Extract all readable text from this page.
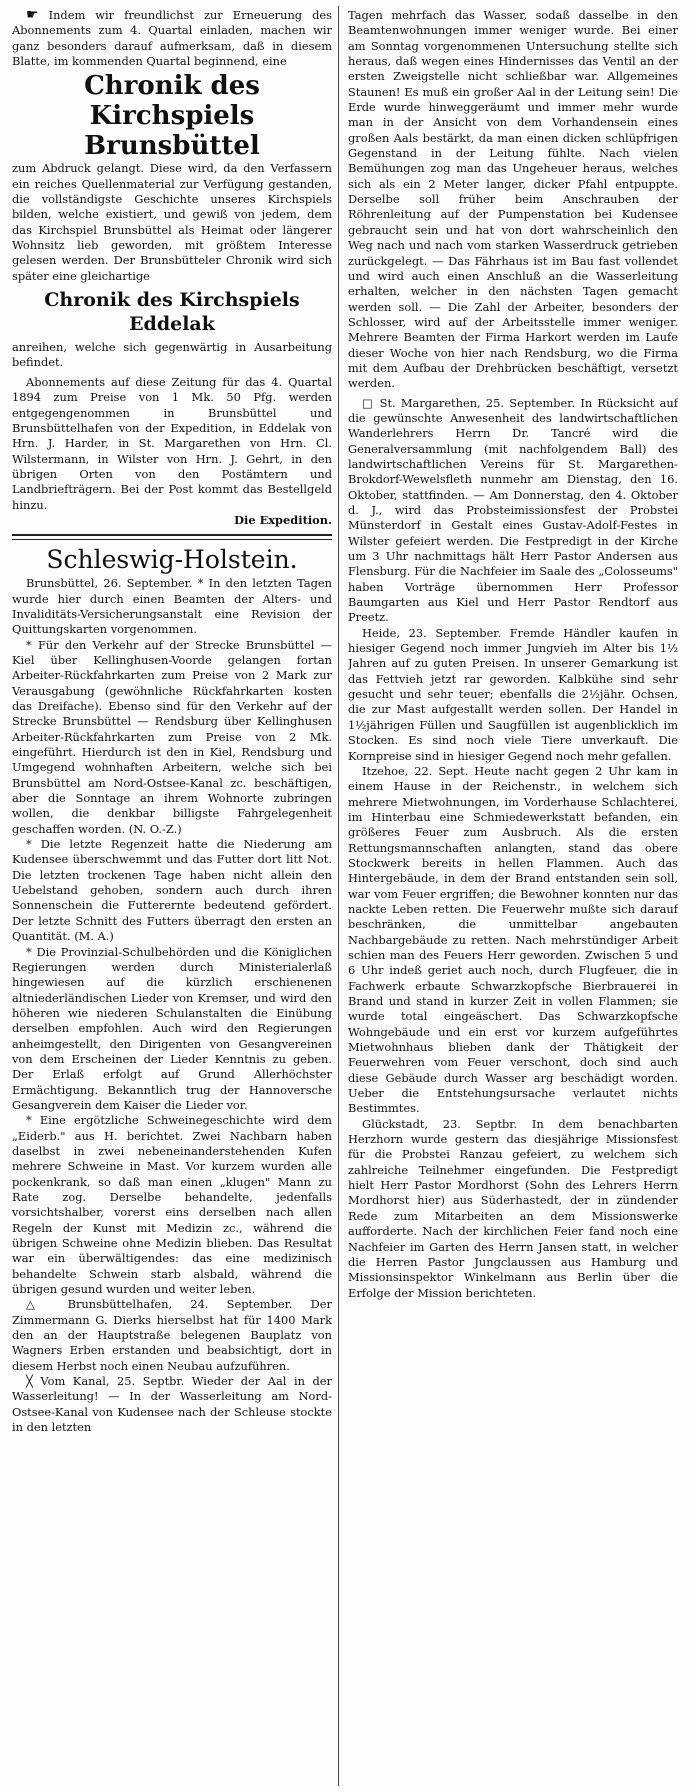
☛ Indem wir freundlichst zur Erneuerung des Abonnements zum 4. Quartal einladen, machen wir ganz besonders darauf aufmerksam, daß in diesem Blatte, im kommenden Quartal beginnend, eine

Chronik des Kirchspiels
Brunsbüttel

zum Abdruck gelangt. Diese wird, da den Verfassern ein reiches Quellenmaterial zur Verfügung gestanden, die vollständigste Geschichte unseres Kirchspiels bilden, welche existiert, und gewiß von jedem, dem das Kirchspiel Brunsbüttel als Heimat oder längerer Wohnsitz lieb geworden, mit größtem Interesse gelesen werden. Der Brunsbütteler Chronik wird sich später eine gleichartige

Chronik des Kirchspiels Eddelak

anreihen, welche sich gegenwärtig in Ausarbeitung befindet.

Abonnements auf diese Zeitung für das 4. Quartal 1894 zum Preise von 1 Mk. 50 Pfg. werden entgegengenommen in Brunsbüttel und Brunsbüttelhafen von der Expedition, in Eddelak von Hrn. J. Harder, in St. Margarethen von Hrn. Cl. Wilstermann, in Wilster von Hrn. J. Gehrt, in den übrigen Orten von den Postämtern und Landbriefträgern. Bei der Post kommt das Bestellgeld hinzu.

Die Expedition.

Schleswig-Holstein.

Brunsbüttel, 26. September. * In den letzten Tagen wurde hier durch einen Beamten der Alters- und Invaliditäts-Versicherungsanstalt eine Revision der Quittungskarten vorgenommen.

* Für den Verkehr auf der Strecke Brunsbüttel — Kiel über Kellinghusen-Voorde gelangen fortan Arbeiter-Rückfahrkarten zum Preise von 2 Mark zur Verausgabung (gewöhnliche Rückfahrkarten kosten das Dreifache). Ebenso sind für den Verkehr auf der Strecke Brunsbüttel — Rendsburg über Kellinghusen Arbeiter-Rückfahrkarten zum Preise von 2 Mk. eingeführt. Hierdurch ist den in Kiel, Rendsburg und Umgegend wohnhaften Arbeitern, welche sich bei Brunsbüttel am Nord-Ostsee-Kanal zc. beschäftigen, aber die Sonntage an ihrem Wohnorte zubringen wollen, die denkbar billigste Fahrgelegenheit geschaffen worden. (N. O.-Z.)

* Die letzte Regenzeit hatte die Niederung am Kudensee überschwemmt und das Futter dort litt Not. Die letzten trockenen Tage haben nicht allein den Uebelstand gehoben, sondern auch durch ihren Sonnenschein die Futterernte bedeutend gefördert. Der letzte Schnitt des Futters überragt den ersten an Quantität. (M. A.)

* Die Provinzial-Schulbehörden und die Königlichen Regierungen werden durch Ministerialerlaß hingewiesen auf die kürzlich erschienenen altniederländischen Lieder von Kremser, und wird den höheren wie niederen Schulanstalten die Einübung derselben empfohlen. Auch wird den Regierungen anheimgestellt, den Dirigenten von Gesangvereinen von dem Erscheinen der Lieder Kenntnis zu geben. Der Erlaß erfolgt auf Grund Allerhöchster Ermächtigung. Bekanntlich trug der Hannoversche Gesangverein dem Kaiser die Lieder vor.

* Eine ergötzliche Schweinegeschichte wird dem „Eiderb." aus H. berichtet. Zwei Nachbarn haben daselbst in zwei nebeneinanderstehenden Kufen mehrere Schweine in Mast. Vor kurzem wurden alle pockenkrank, so daß man einen „klugen" Mann zu Rate zog. Derselbe behandelte, jedenfalls vorsichtshalber, vorerst eins derselben nach allen Regeln der Kunst mit Medizin zc., während die übrigen Schweine ohne Medizin blieben. Das Resultat war ein überwältigendes: das eine medizinisch behandelte Schwein starb alsbald, während die übrigen gesund wurden und weiter leben.

△ Brunsbüttelhafen, 24. September. Der Zimmermann G. Dierks hierselbst hat für 1400 Mark den an der Hauptstraße belegenen Bauplatz von Wagners Erben erstanden und beabsichtigt, dort in diesem Herbst noch einen Neubau aufzuführen.

╳ Vom Kanal, 25. Septbr. Wieder der Aal in der Wasserleitung! — In der Wasserleitung am Nord-Ostsee-Kanal von Kudensee nach der Schleuse stockte in den letzten

Tagen mehrfach das Wasser, sodaß dasselbe in den Beamtenwohnungen immer weniger wurde. Bei einer am Sonntag vorgenommenen Untersuchung stellte sich heraus, daß wegen eines Hindernisses das Ventil an der ersten Zweigstelle nicht schließbar war. Allgemeines Staunen! Es muß ein großer Aal in der Leitung sein! Die Erde wurde hinweggeräumt und immer mehr wurde man in der Ansicht von dem Vorhandensein eines großen Aals bestärkt, da man einen dicken schlüpfrigen Gegenstand in der Leitung fühlte. Nach vielen Bemühungen zog man das Ungeheuer heraus, welches sich als ein 2 Meter langer, dicker Pfahl entpuppte. Derselbe soll früher beim Anschrauben der Röhrenleitung auf der Pumpenstation bei Kudensee gebraucht sein und hat von dort wahrscheinlich den Weg nach und nach vom starken Wasserdruck getrieben zurückgelegt. — Das Fährhaus ist im Bau fast vollendet und wird auch einen Anschluß an die Wasserleitung erhalten, welcher in den nächsten Tagen gemacht werden soll. — Die Zahl der Arbeiter, besonders der Schlosser, wird auf der Arbeitsstelle immer weniger. Mehrere Beamten der Firma Harkort werden im Laufe dieser Woche von hier nach Rendsburg, wo die Firma mit dem Aufbau der Drehbrücken beschäftigt, versetzt werden.

□ St. Margarethen, 25. September. In Rücksicht auf die gewünschte Anwesenheit des landwirtschaftlichen Wanderlehrers Herrn Dr. Tancré wird die Generalversammlung (mit nachfolgendem Ball) des landwirtschaftlichen Vereins für St. Margarethen-Brokdorf-Wewelsfleth nunmehr am Dienstag, den 16. Oktober, stattfinden. — Am Donnerstag, den 4. Oktober d. J., wird das Probsteimissionsfest der Probstei Münsterdorf in Gestalt eines Gustav-Adolf-Festes in Wilster gefeiert werden. Die Festpredigt in der Kirche um 3 Uhr nachmittags hält Herr Pastor Andersen aus Flensburg. Für die Nachfeier im Saale des „Colosseums" haben Vorträge übernommen Herr Professor Baumgarten aus Kiel und Herr Pastor Rendtorf aus Preetz.

Heide, 23. September. Fremde Händler kaufen in hiesiger Gegend noch immer Jungvieh im Alter bis 1½ Jahren auf zu guten Preisen. In unserer Gemarkung ist das Fettvieh jetzt rar geworden. Kalbkühe sind sehr gesucht und sehr teuer; ebenfalls die 2½jähr. Ochsen, die zur Mast aufgestallt werden sollen. Der Handel in 1½jährigen Füllen und Saugfüllen ist augenblicklich im Stocken. Es sind noch viele Tiere unverkauft. Die Kornpreise sind in hiesiger Gegend noch mehr gefallen.

Itzehoe, 22. Sept. Heute nacht gegen 2 Uhr kam in einem Hause in der Reichenstr., in welchem sich mehrere Mietwohnungen, im Vorderhause Schlachterei, im Hinterbau eine Schmiedewerkstatt befanden, ein größeres Feuer zum Ausbruch. Als die ersten Rettungsmannschaften anlangten, stand das obere Stockwerk bereits in hellen Flammen. Auch das Hintergebäude, in dem der Brand entstanden sein soll, war vom Feuer ergriffen; die Bewohner konnten nur das nackte Leben retten. Die Feuerwehr mußte sich darauf beschränken, die unmittelbar angebauten Nachbargebäude zu retten. Nach mehrstündiger Arbeit schien man des Feuers Herr geworden. Zwischen 5 und 6 Uhr indeß geriet auch noch, durch Flugfeuer, die in Fachwerk erbaute Schwarzkopfsche Bierbrauerei in Brand und stand in kurzer Zeit in vollen Flammen; sie wurde total eingeäschert. Das Schwarzkopfsche Wohngebäude und ein erst vor kurzem aufgeführtes Mietwohnhaus blieben dank der Thätigkeit der Feuerwehren vom Feuer verschont, doch sind auch diese Gebäude durch Wasser arg beschädigt worden. Ueber die Entstehungsursache verlautet nichts Bestimmtes.

Glückstadt, 23. Septbr. In dem benachbarten Herzhorn wurde gestern das diesjährige Missionsfest für die Probstei Ranzau gefeiert, zu welchem sich zahlreiche Teilnehmer eingefunden. Die Festpredigt hielt Herr Pastor Mordhorst (Sohn des Lehrers Herrn Mordhorst hier) aus Süderhastedt, der in zündender Rede zum Mitarbeiten an dem Missionswerke aufforderte. Nach der kirchlichen Feier fand noch eine Nachfeier im Garten des Herrn Jansen statt, in welcher die Herren Pastor Jungclaussen aus Hamburg und Missionsinspektor Winkelmann aus Berlin über die Erfolge der Mission berichteten.
